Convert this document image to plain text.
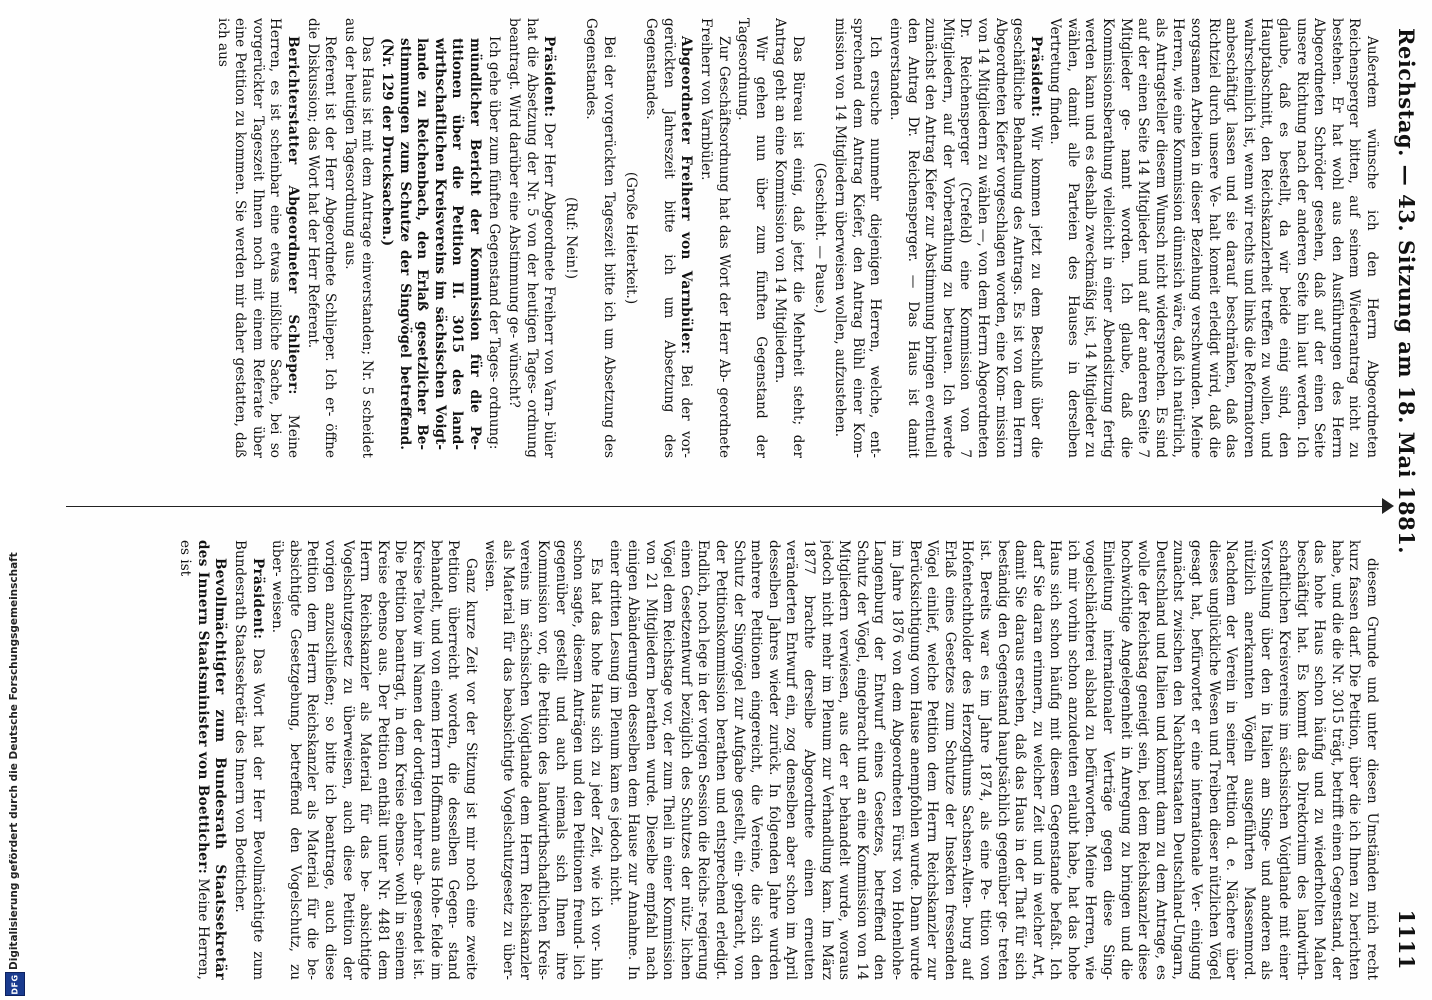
Digitalisierung gefördert durch die Deutsche Forschungsgemeinschaft
DFG
Reichstag. — 43. Sitzung am 18. Mai 1881.
1111

Außerdem wünsche ich den Herrn Abgeordneten Reichensperger bitten, auf seinem Wiederantrag nicht zu bestehen. Er hat wohl aus den Ausführungen des Herrn Abgeordneten Schröder gesehen, daß auf der einen Seite unsere Richtung nach der anderen Seite hin laut werden. Ich glaube, daß es bestellt, da wir beide einig sind, den Hauptabschnitt, den Reichskanzlerheit treffen zu wollen, und wahrscheinlich ist, wenn wir rechts und links die Reformatoren anbeschäftigt lassen und sie darauf beschränken, daß das Richtziel durch unsere Ve- halt komeit erledigt wird, daß die sorgsamen Arbeiten in dieser Beziehung verschwunden. Meine Herren, wie eine Kommission dünnsich wäre, daß ich natürlich, als Antragsteller diesem Wunsch nicht widersprechen. Es sind auf der einen Seite 14 Mitglieder und auf der anderen Seite 7 Mitglieder ge- nannt worden. Ich glaube, daß die Kommissionsberathung vielleicht in einer Abendsitzung fertig werden kann und es deshalb zweckmäßig ist, 14 Mitglieder zu wählen, damit alle Parteien des Hauses in derselben Vertretung finden.

Präsident: Wir kommen jetzt zu dem Beschluß über die geschäftliche Behandlung des Antrags. Es ist von dem Herrn Abgeordneten Kiefer vorgeschlagen worden, eine Kom- mission von 14 Mitgliedern zu wählen —, von dem Herrn Abgeordneten Dr. Reichensperger (Crefeld) eine Kommission von 7 Mitgliedern, auf der Vorberathung zu betrauen. Ich werde zunächst den Antrag Kiefer zur Abstimmung bringen eventuell den Antrag Dr. Reichensperger. — Das Haus ist damit einverstanden.

Ich ersuche nunmehr diejenigen Herren, welche, ent- sprechend dem Antrag Kiefer, den Antrag Bühl einer Kom- mission von 14 Mitgliedern überweisen wollen, aufzustehen.

(Geschieht. — Pause.)

Das Büreau ist einig, daß jetzt die Mehrheit steht; der Antrag geht an eine Kommission von 14 Mitgliedern.

Wir gehen nun über zum fünften Gegenstand der Tagesordnung.

Zur Geschäftsordnung hat das Wort der Herr Ab- geordnete Freiherr von Varnbüler.

Abgeordneter Freiherr von Varnbüler: Bei der vor- gerückten Jahreszeit bitte ich um Absetzung des Gegenstandes.

(Große Heiterkeit.)

Bei der vorgerückten Tageszeit bitte ich um Absetzung des Gegenstandes.

(Ruf: Nein!)

Präsident: Der Herr Abgeordnete Freiherr von Varn- büler hat die Absetzung der Nr. 5 von der heutigen Tages- ordnung beantragt. Wird darüber eine Abstimmung ge- wünscht?

Ich gehe über zum fünften Gegenstand der Tages- ordnung:

mündlicher Bericht der Kommission für die Pe- titionen über die Petition II. 3015 des land- wirthschaftlichen Kreisvereins im sächsischen Voigt- lande zu Reichenbach, den Erlaß gesetzlicher Be- stimmungen zum Schutze der Singvögel betreffend. (Nr. 129 der Drucksachen.)

Das Haus ist mit dem Antrage einverstanden; Nr. 5 scheidet aus der heutigen Tagesordnung aus.

Referent ist der Herr Abgeordnete Schlieper. Ich er- öffne die Diskussion; das Wort hat der Herr Referent.

Berichterstatter Abgeordneter Schlieper: Meine Herren, es ist scheinbar eine etwas mißliche Sache, bei so vorgerückter Tageszeit Ihnen noch mit einem Referate über eine Petition zu kommen. Sie werden mir daher gestatten, daß ich aus

diesem Grunde und unter diesen Umständen mich recht kurz fassen darf. Die Petition, über die ich Ihnen zu berichten habe, und die die Nr. 3015 trägt, betrifft einen Gegenstand, der das hohe Haus schon häufig und zu wiederholten Malen beschäftigt hat. Es kommt das Direktorium des landwirth- schaftlichen Kreisvereins im sächsischen Voigtlande mit einer Vorstellung über den in Italien am Singe- und anderen als nützlich anerkannten Vögeln ausgeführten Massenmord. Nachdem der Verein in seiner Petition d. e. Nächere über dieses unglückliche Wesen und Treiben dieser nützlichen Vögel gesagt hat, befürwortet er eine internationale Ver- einigung zunächst zwischen den Nachbarstaaten Deutschland-Ungarn, Deutschland und Italien und kommt dann zu dem Antrage, es wolle der Reichstag geneigt sein, bei dem Reichskanzler diese hochwichtige Angelegenheit in Anregung zu bringen und die Einleitung internationaler Verträge gegen diese Sing- vogelschlächterei alsbald zu befürworten. Meine Herren, wie ich mir vorhin schon anzudeuten erlaubt habe, hat das hohe Haus sich schon häufig mit diesem Gegenstande befaßt. Ich darf Sie daran erinnern, zu welcher Zeit und in welcher Art, damit Sie daraus ersehen, daß das Haus in der That für sich beständig den Gegenstand hauptsächlich gegenüber ge- treten ist. Bereits war es im Jahre 1874, als eine Pe- tition von Hofentechtholder des Herzogthums Sachsen-Alten- burg auf Erlaß eines Gesetzes zum Schutze der Insekten fressenden Vögel einlief, welche Petition dem Herrn Reichskanzler zur Berücksichtigung vom Hause anempfohlen wurde. Dann wurde im Jahre 1876 von dem Abgeordneten Fürst von Hohenlohe-Langenburg der Entwurf eines Gesetzes, betreffend den Schutz der Vögel, eingebracht und an eine Kommission von 14 Mitgliedern verwiesen, aus der er behandelt wurde, woraus jedoch nicht mehr im Plenum zur Verhandlung kam. Im März 1877 brachte derselbe Abgeordnete einen erneuten veränderten Entwurf ein, zog denselben aber schon im April desselben Jahres wieder zurück. In folgenden Jahre wurden mehrere Petitionen eingereicht, die Vereine, die sich den Schutz der Singvögel zur Aufgabe gestellt, ein- gebracht, von der Petitionskommission berathen und entsprechend erledigt. Endlich, noch lege in der vorigen Session die Reichs- regierung einen Gesetzentwurf bezüglich des Schutzes der nütz- lichen Vögel dem Reichstage vor, der zum Theil in einer Kommission von 21 Mitgliedern berathen wurde. Dieselbe empfahl nach einigen Abänderungen desselben dem Hause zur Annahme. In einer dritten Lesung im Plenum kam es jedoch nicht.

Es hat das hohe Haus sich zu jeder Zeit, wie ich vor- hin schon sagte, diesem Anträgen und den Petitionen freund- lich gegenüber gestellt und auch niemals sich Ihnen ihre Kommission vor, die Petition des landwirthschaftlichen Kreis- vereins im sächsischen Voigtlande dem Herrn Reichskanzler als Material für das beabsichtigte Vogelschutzgesetz zu über- weisen.

Ganz kurze Zeit vor der Sitzung ist mir noch eine zweite Petition überreicht worden, die desselben Gegen- stand behandelt, und von einem Herrn Hoffmann aus Hohe- felde im Kreise Teltow im Namen der dortigen Lehrer ab- gesendet ist. Die Petition beantragt, in dem Kreise ebenso- wohl in seinem Kreise ebenso aus. Der Petition enthält unter Nr. 4481 dem Herrn Reichskanzler als Material für das be- absichtigte Vogelschutzgesetz zu überweisen, auch diese Petition der vorigen anzuschließen; so bitte ich beantrage, auch diese Petition dem Herrn Reichskanzler als Material für die be- absichtigte Gesetzgebung, betreffend den Vogelschutz, zu über- weisen.

Präsident: Das Wort hat der Herr Bevollmächtigte zum Bundesrath Staatssekretär des Innern von Boetticher.

Bevollmächtigter zum Bundesrath Staatssekretär des Innern Staatsminister von Boetticher: Meine Herren, es ist
